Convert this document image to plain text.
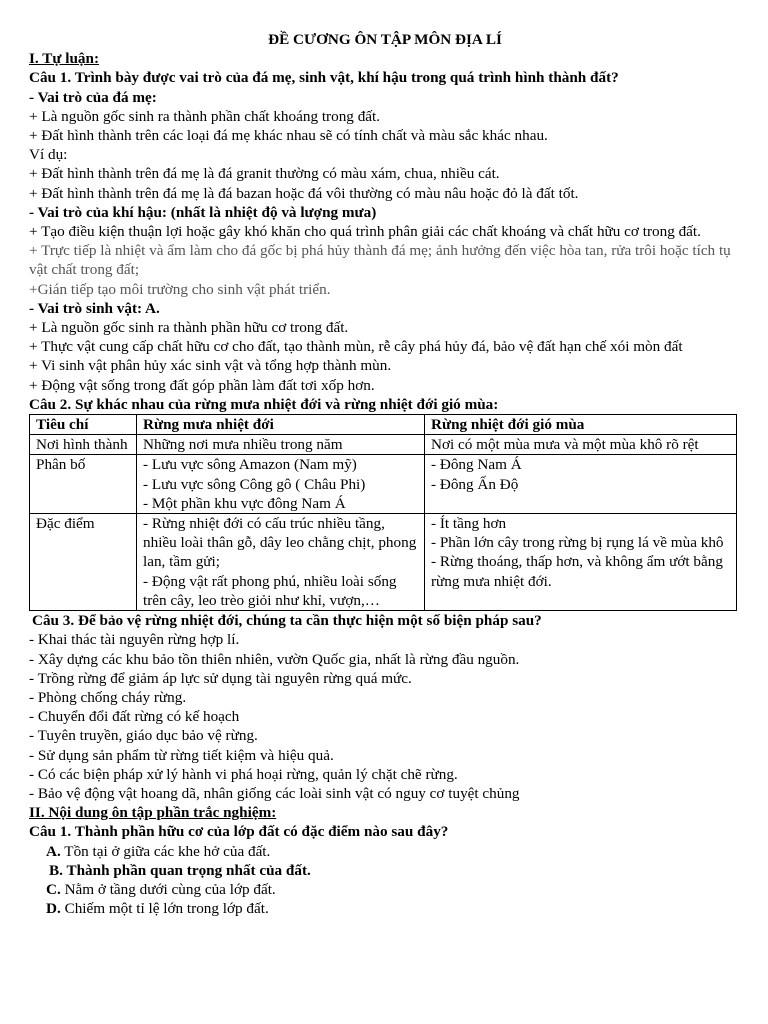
ĐỀ CƯƠNG ÔN TẬP MÔN ĐỊA LÍ
I. Tự luận:
Câu 1. Trình bày được vai trò của đá mẹ, sinh vật, khí hậu trong quá trình hình thành đất?
- Vai trò của đá mẹ:
+ Là nguồn gốc sinh ra thành phần chất khoáng trong đất.
+ Đất hình thành trên các loại đá mẹ khác nhau sẽ có tính chất và màu sắc khác nhau.
Ví dụ:
+ Đất hình thành trên đá mẹ là đá granit thường có màu xám, chua, nhiều cát.
+ Đất hình thành trên đá mẹ là đá bazan hoặc đá vôi thường có màu nâu hoặc đỏ là đất tốt.
- Vai trò của khí hậu: (nhất là nhiệt độ và lượng mưa)
+ Tạo điều kiện thuận lợi hoặc gây khó khăn cho quá trình phân giải các chất khoáng và chất hữu cơ trong đất.
+ Trực tiếp là nhiệt và ẩm làm cho đá gốc bị phá hủy thành đá mẹ; ảnh hưởng đến việc hòa tan, rửa trôi hoặc tích tụ vật chất trong đất;
+Gián tiếp tạo môi trường cho sinh vật phát triển.
- Vai trò sinh vật: A.
+ Là nguồn gốc sinh ra thành phần hữu cơ trong đất.
+ Thực vật cung cấp chất hữu cơ cho đất, tạo thành mùn, rễ cây phá hủy đá, bảo vệ đất hạn chế xói mòn đất
+ Vi sinh vật phân hủy xác sinh vật và tổng hợp thành mùn.
+ Động vật sống trong đất góp phần làm đất tơi xốp hơn.
Câu 2. Sự khác nhau của rừng mưa nhiệt đới và rừng nhiệt đới gió mùa:
Tiêu chí	Rừng mưa nhiệt đới	Rừng nhiệt đới gió mùa
Nơi hình thành	Những nơi mưa nhiều trong năm	Nơi có một mùa mưa và một mùa khô rõ rệt

Phân bố	- Lưu vực sông Amazon (Nam mỹ)
- Lưu vực sông Công gô ( Châu Phi)
- Một phần khu vực đông Nam Á	- Đông Nam Á
- Đông Ấn Độ

Đặc điểm	- Rừng nhiệt đới có cấu trúc nhiều tầng, nhiều loài thân gỗ, dây leo chằng chịt, phong lan, tầm gửi;
- Động vật rất phong phú, nhiều loài sống trên cây, leo trèo giỏi như khỉ, vượn,…	- Ít tầng hơn
- Phần lớn cây trong rừng bị rụng lá về mùa khô
- Rừng thoáng, thấp hơn, và không ẩm ướt bằng rừng mưa nhiệt đới.
Câu 3. Để bảo vệ rừng nhiệt đới, chúng ta cần thực hiện một số biện pháp sau?
- Khai thác tài nguyên rừng hợp lí.
- Xây dựng các khu bảo tồn thiên nhiên, vườn Quốc gia, nhất là rừng đầu nguồn.
- Trồng rừng để giảm áp lực sử dụng tài nguyên rừng quá mức.
- Phòng chống cháy rừng.
- Chuyển đổi đất rừng có kế hoạch
- Tuyên truyền, giáo dục bảo vệ rừng.
- Sử dụng sản phẩm từ rừng tiết kiệm và hiệu quả.
- Có các biện pháp xử lý hành vi phá hoại rừng, quản lý chặt chẽ rừng.
- Bảo vệ động vật hoang dã, nhân giống các loài sinh vật có nguy cơ tuyệt chủng
II. Nội dung ôn tập phần trắc nghiệm:
Câu 1. Thành phần hữu cơ của lớp đất có đặc điểm nào sau đây?
A. Tồn tại ở giữa các khe hở của đất.
B. Thành phần quan trọng nhất của đất.
C. Nằm ở tầng dưới cùng của lớp đất.
D. Chiếm một tỉ lệ lớn trong lớp đất.
